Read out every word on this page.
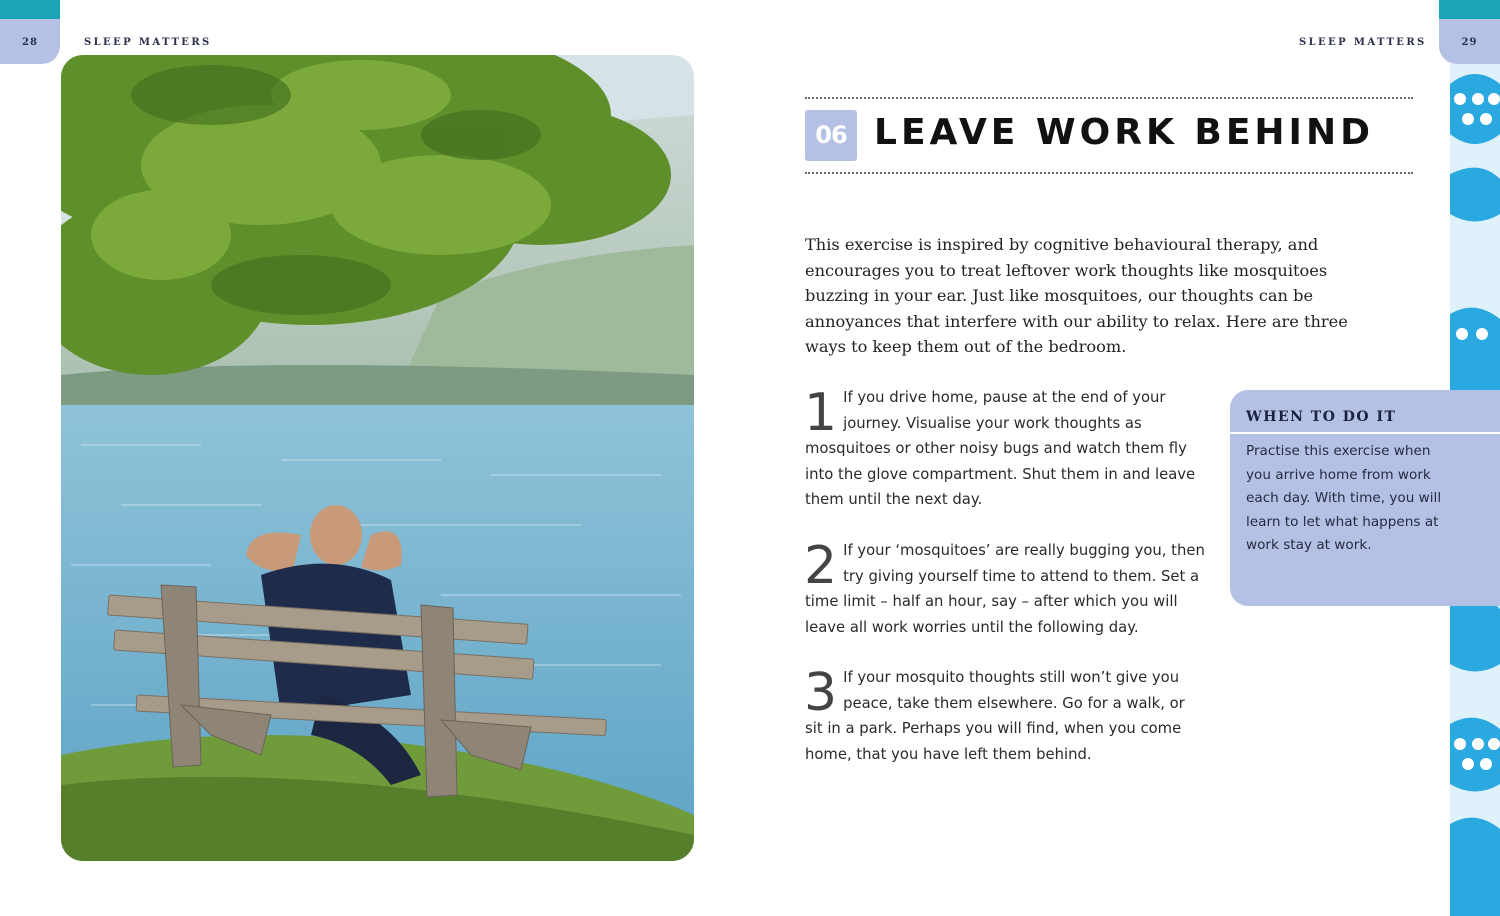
28	SLEEP MATTERS	SLEEP MATTERS	29
06 LEAVE WORK BEHIND
This exercise is inspired by cognitive behavioural therapy, and encourages you to treat leftover work thoughts like mosquitoes buzzing in your ear. Just like mosquitoes, our thoughts can be annoyances that interfere with our ability to relax. Here are three ways to keep them out of the bedroom.
1 If you drive home, pause at the end of your journey. Visualise your work thoughts as mosquitoes or other noisy bugs and watch them fly into the glove compartment. Shut them in and leave them until the next day.
2 If your ‘mosquitoes’ are really bugging you, then try giving yourself time to attend to them. Set a time limit – half an hour, say – after which you will leave all work worries until the following day.
3 If your mosquito thoughts still won’t give you peace, take them elsewhere. Go for a walk, or sit in a park. Perhaps you will find, when you come home, that you have left them behind.
WHEN TO DO IT
Practise this exercise when you arrive home from work each day. With time, you will learn to let what happens at work stay at work.
